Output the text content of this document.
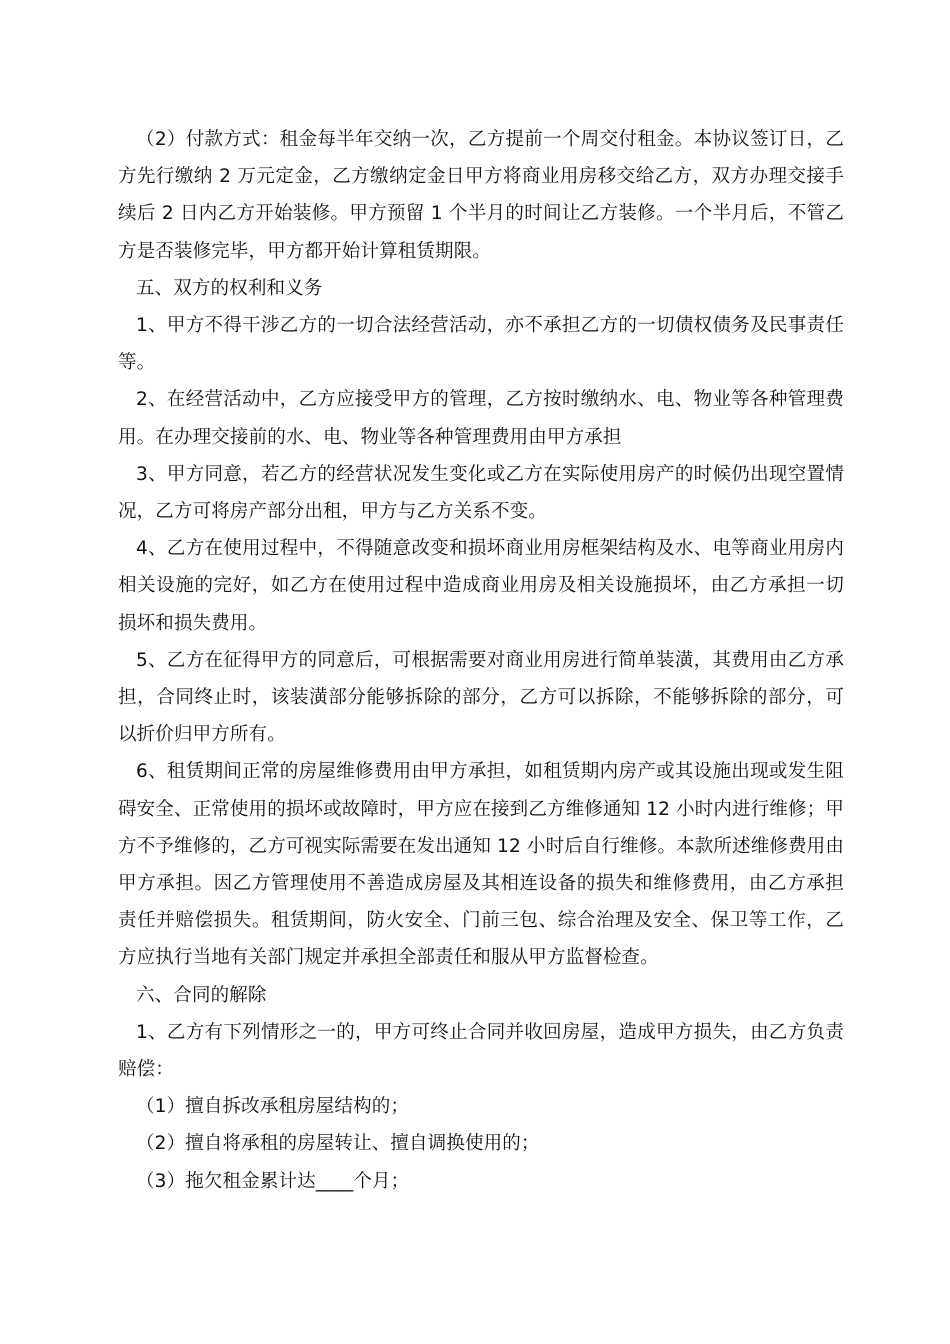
（2）付款方式：租金每半年交纳一次，乙方提前一个周交付租金。本协议签订日，乙方先行缴纳 2 万元定金，乙方缴纳定金日甲方将商业用房移交给乙方，双方办理交接手续后 2 日内乙方开始装修。甲方预留 1 个半月的时间让乙方装修。一个半月后，不管乙方是否装修完毕，甲方都开始计算租赁期限。

五、双方的权利和义务

1、甲方不得干涉乙方的一切合法经营活动，亦不承担乙方的一切债权债务及民事责任等。

2、在经营活动中，乙方应接受甲方的管理，乙方按时缴纳水、电、物业等各种管理费用。在办理交接前的水、电、物业等各种管理费用由甲方承担

3、甲方同意，若乙方的经营状况发生变化或乙方在实际使用房产的时候仍出现空置情况，乙方可将房产部分出租，甲方与乙方关系不变。

4、乙方在使用过程中，不得随意改变和损坏商业用房框架结构及水、电等商业用房内相关设施的完好，如乙方在使用过程中造成商业用房及相关设施损坏，由乙方承担一切损坏和损失费用。

5、乙方在征得甲方的同意后，可根据需要对商业用房进行简单装潢，其费用由乙方承担，合同终止时，该装潢部分能够拆除的部分，乙方可以拆除，不能够拆除的部分，可以折价归甲方所有。

6、租赁期间正常的房屋维修费用由甲方承担，如租赁期内房产或其设施出现或发生阻碍安全、正常使用的损坏或故障时，甲方应在接到乙方维修通知 12 小时内进行维修；甲方不予维修的，乙方可视实际需要在发出通知 12 小时后自行维修。本款所述维修费用由甲方承担。因乙方管理使用不善造成房屋及其相连设备的损失和维修费用，由乙方承担责任并赔偿损失。租赁期间，防火安全、门前三包、综合治理及安全、保卫等工作，乙方应执行当地有关部门规定并承担全部责任和服从甲方监督检查。

六、合同的解除

1、乙方有下列情形之一的，甲方可终止合同并收回房屋，造成甲方损失，由乙方负责赔偿：

（1）擅自拆改承租房屋结构的；

（2）擅自将承租的房屋转让、擅自调换使用的；

（3）拖欠租金累计达____个月；
